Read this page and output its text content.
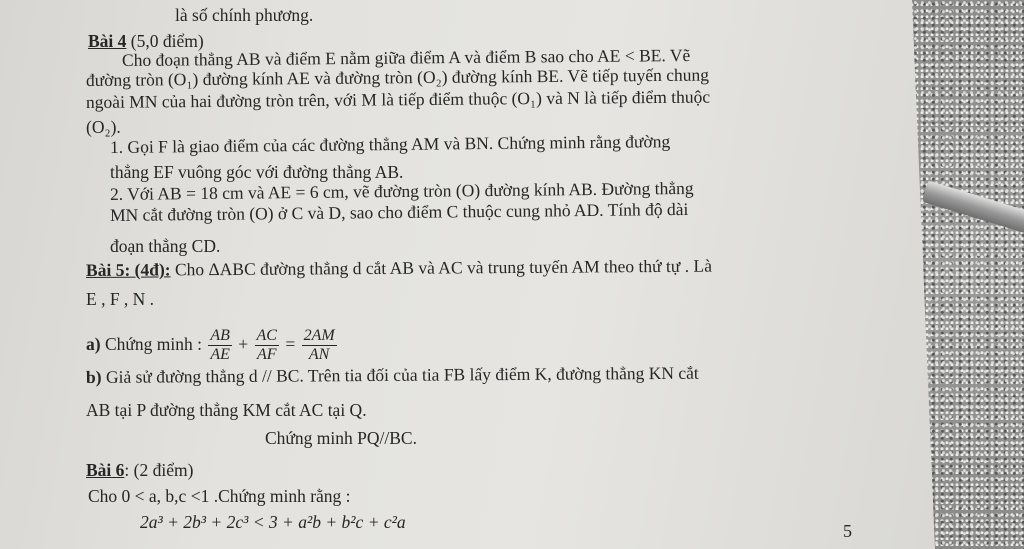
là số chính phương.
Bài 4 (5,0 điểm)
Cho đoạn thẳng AB và điểm E nằm giữa điểm A và điểm B sao cho AE < BE. Vẽ
đường tròn (O₁) đường kính AE và đường tròn (O₂) đường kính BE. Vẽ tiếp tuyến chung
ngoài MN của hai đường tròn trên, với M là tiếp điểm thuộc (O₁) và N là tiếp điểm thuộc
(O₂).
1. Gọi F là giao điểm của các đường thẳng AM và BN. Chứng minh rằng đường
thẳng EF vuông góc với đường thẳng AB.
2. Với AB = 18 cm và AE = 6 cm, vẽ đường tròn (O) đường kính AB. Đường thẳng
MN cắt đường tròn (O) ở C và D, sao cho điểm C thuộc cung nhỏ AD. Tính độ dài
đoạn thẳng CD.
Bài 5: (4đ): Cho ΔABC đường thẳng d cắt AB và AC và trung tuyến AM theo thứ tự . Là
E , F , N .
a) Chứng minh : $\frac{AB}{AE} + \frac{AC}{AF} = \frac{2AM}{AN}$
b) Giả sử đường thẳng d // BC. Trên tia đối của tia FB lấy điểm K, đường thẳng KN cắt
AB tại P đường thẳng KM cắt AC tại Q.
Chứng minh PQ//BC.
Bài 6: (2 điểm)
Cho 0 < a, b,c <1 .Chứng minh rằng :
2a³ + 2b³ + 2c³ < 3 + a²b + b²c + c²a	5
